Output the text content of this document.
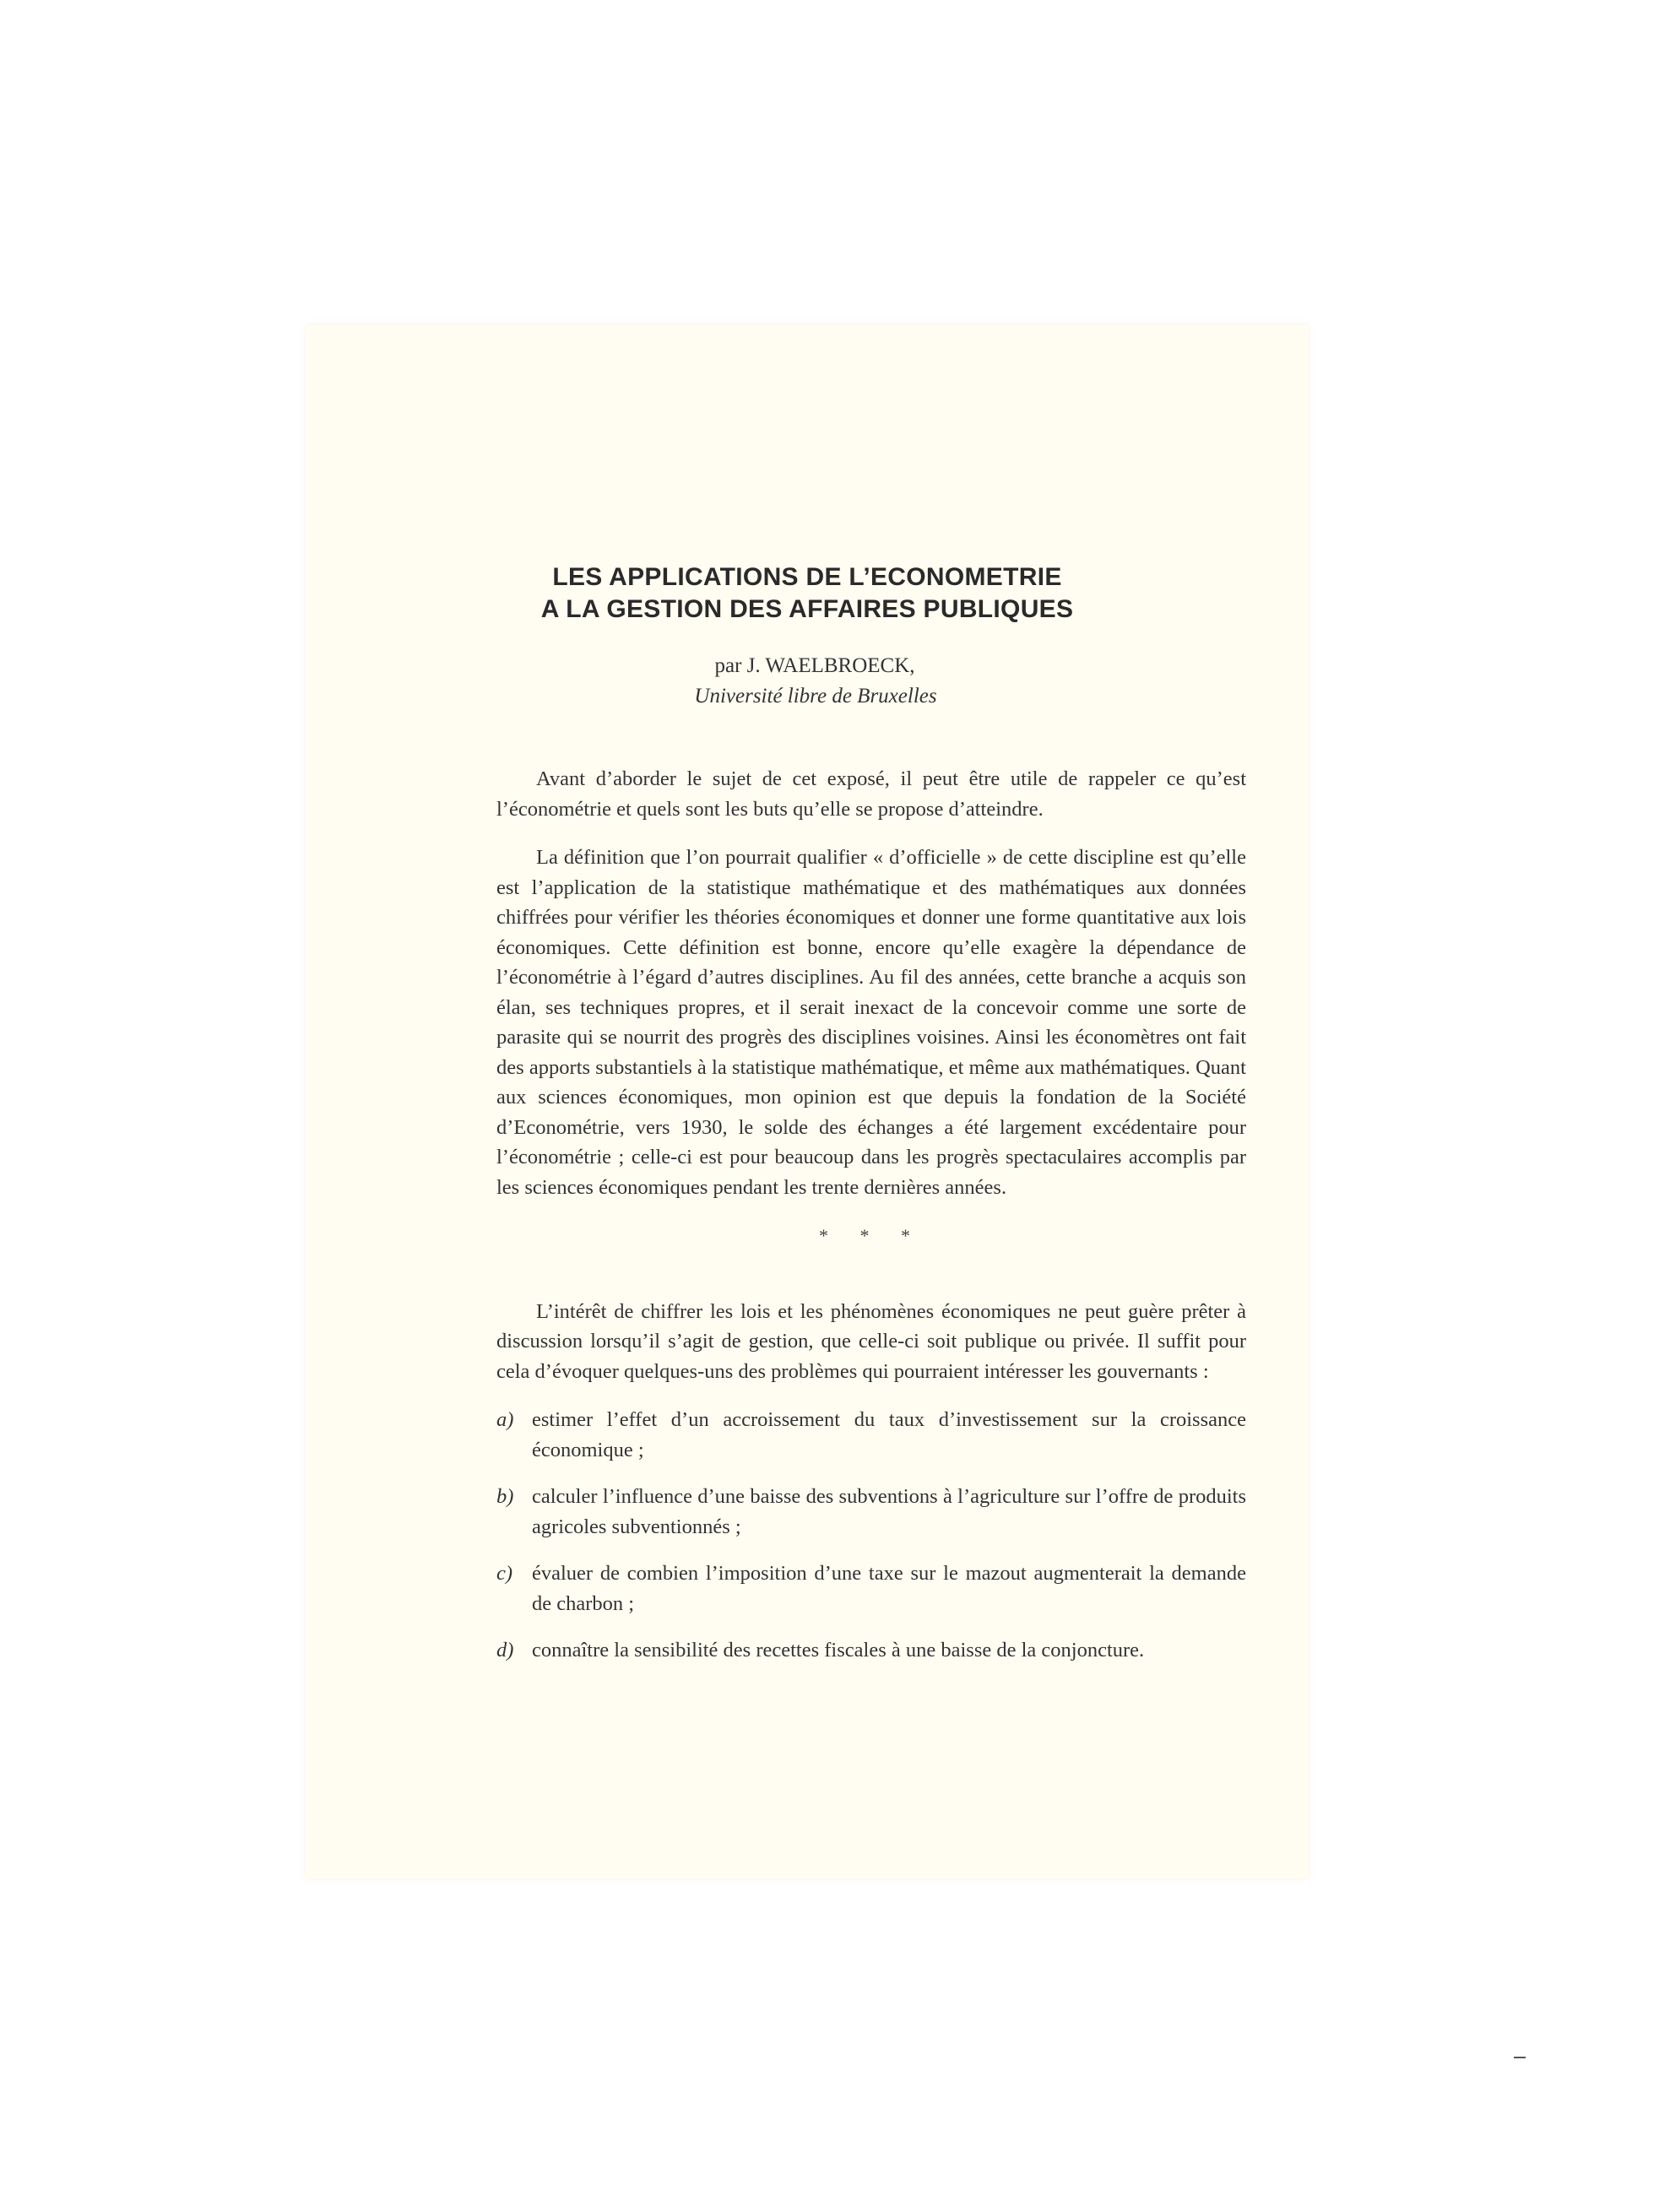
LES APPLICATIONS DE L’ECONOMETRIE
A LA GESTION DES AFFAIRES PUBLIQUES
par J. WAELBROECK,
Université libre de Bruxelles

Avant d’aborder le sujet de cet exposé, il peut être utile de rappeler ce qu’est l’économétrie et quels sont les buts qu’elle se propose d’atteindre.

La définition que l’on pourrait qualifier « d’officielle » de cette discipline est qu’elle est l’application de la statistique mathématique et des mathématiques aux données chiffrées pour vérifier les théories économiques et donner une forme quantitative aux lois économiques. Cette définition est bonne, encore qu’elle exagère la dépendance de l’économétrie à l’égard d’autres disciplines. Au fil des années, cette branche a acquis son élan, ses techniques propres, et il serait inexact de la concevoir comme une sorte de parasite qui se nourrit des progrès des disciplines voisines. Ainsi les économètres ont fait des apports substantiels à la statistique mathématique, et même aux mathématiques. Quant aux sciences économiques, mon opinion est que depuis la fondation de la Société d’Econométrie, vers 1930, le solde des échanges a été largement excédentaire pour l’économétrie ; celle-ci est pour beaucoup dans les progrès spectaculaires accomplis par les sciences économiques pendant les trente dernières années.

* * *

L’intérêt de chiffrer les lois et les phénomènes économiques ne peut guère prêter à discussion lorsqu’il s’agit de gestion, que celle-ci soit publique ou privée. Il suffit pour cela d’évoquer quelques-uns des problèmes qui pourraient intéresser les gouvernants :

a) estimer l’effet d’un accroissement du taux d’investissement sur la croissance économique ;
b) calculer l’influence d’une baisse des subventions à l’agriculture sur l’offre de produits agricoles subventionnés ;
c) évaluer de combien l’imposition d’une taxe sur le mazout augmenterait la demande de charbon ;
d) connaître la sensibilité des recettes fiscales à une baisse de la conjoncture.
